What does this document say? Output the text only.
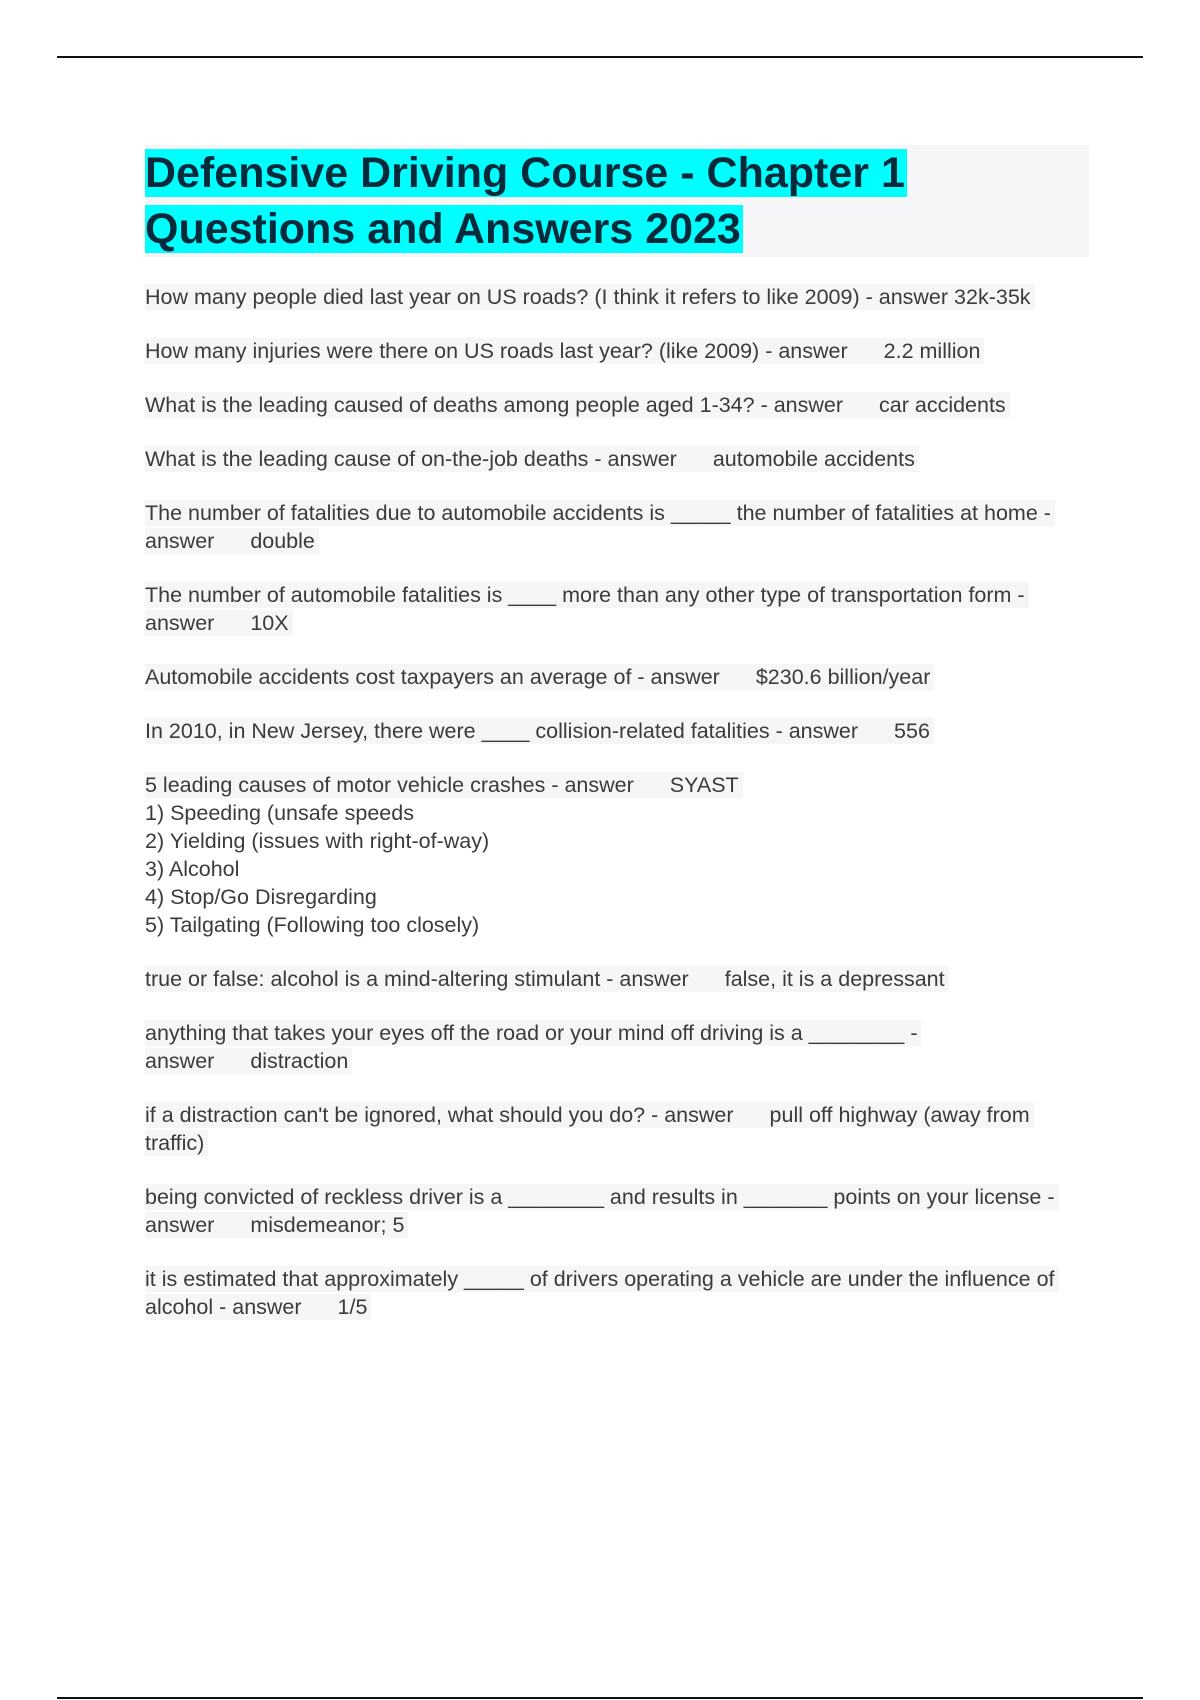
Defensive Driving Course - Chapter 1
Questions and Answers 2023

How many people died last year on US roads? (I think it refers to like 2009) - answer 32k-35k

How many injuries were there on US roads last year? (like 2009) - answer 2.2 million

What is the leading caused of deaths among people aged 1-34? - answer car accidents

What is the leading cause of on-the-job deaths - answer automobile accidents

The number of fatalities due to automobile accidents is _____ the number of fatalities at home - answer double

The number of automobile fatalities is ____ more than any other type of transportation form - answer 10X

Automobile accidents cost taxpayers an average of - answer $230.6 billion/year

In 2010, in New Jersey, there were ____ collision-related fatalities - answer 556

5 leading causes of motor vehicle crashes - answer SYAST
1) Speeding (unsafe speeds
2) Yielding (issues with right-of-way)
3) Alcohol
4) Stop/Go Disregarding
5) Tailgating (Following too closely)

true or false: alcohol is a mind-altering stimulant - answer false, it is a depressant

anything that takes your eyes off the road or your mind off driving is a ________ - answer distraction

if a distraction can't be ignored, what should you do? - answer pull off highway (away from traffic)

being convicted of reckless driver is a ________ and results in _______ points on your license - answer misdemeanor; 5

it is estimated that approximately _____ of drivers operating a vehicle are under the influence of alcohol - answer 1/5
